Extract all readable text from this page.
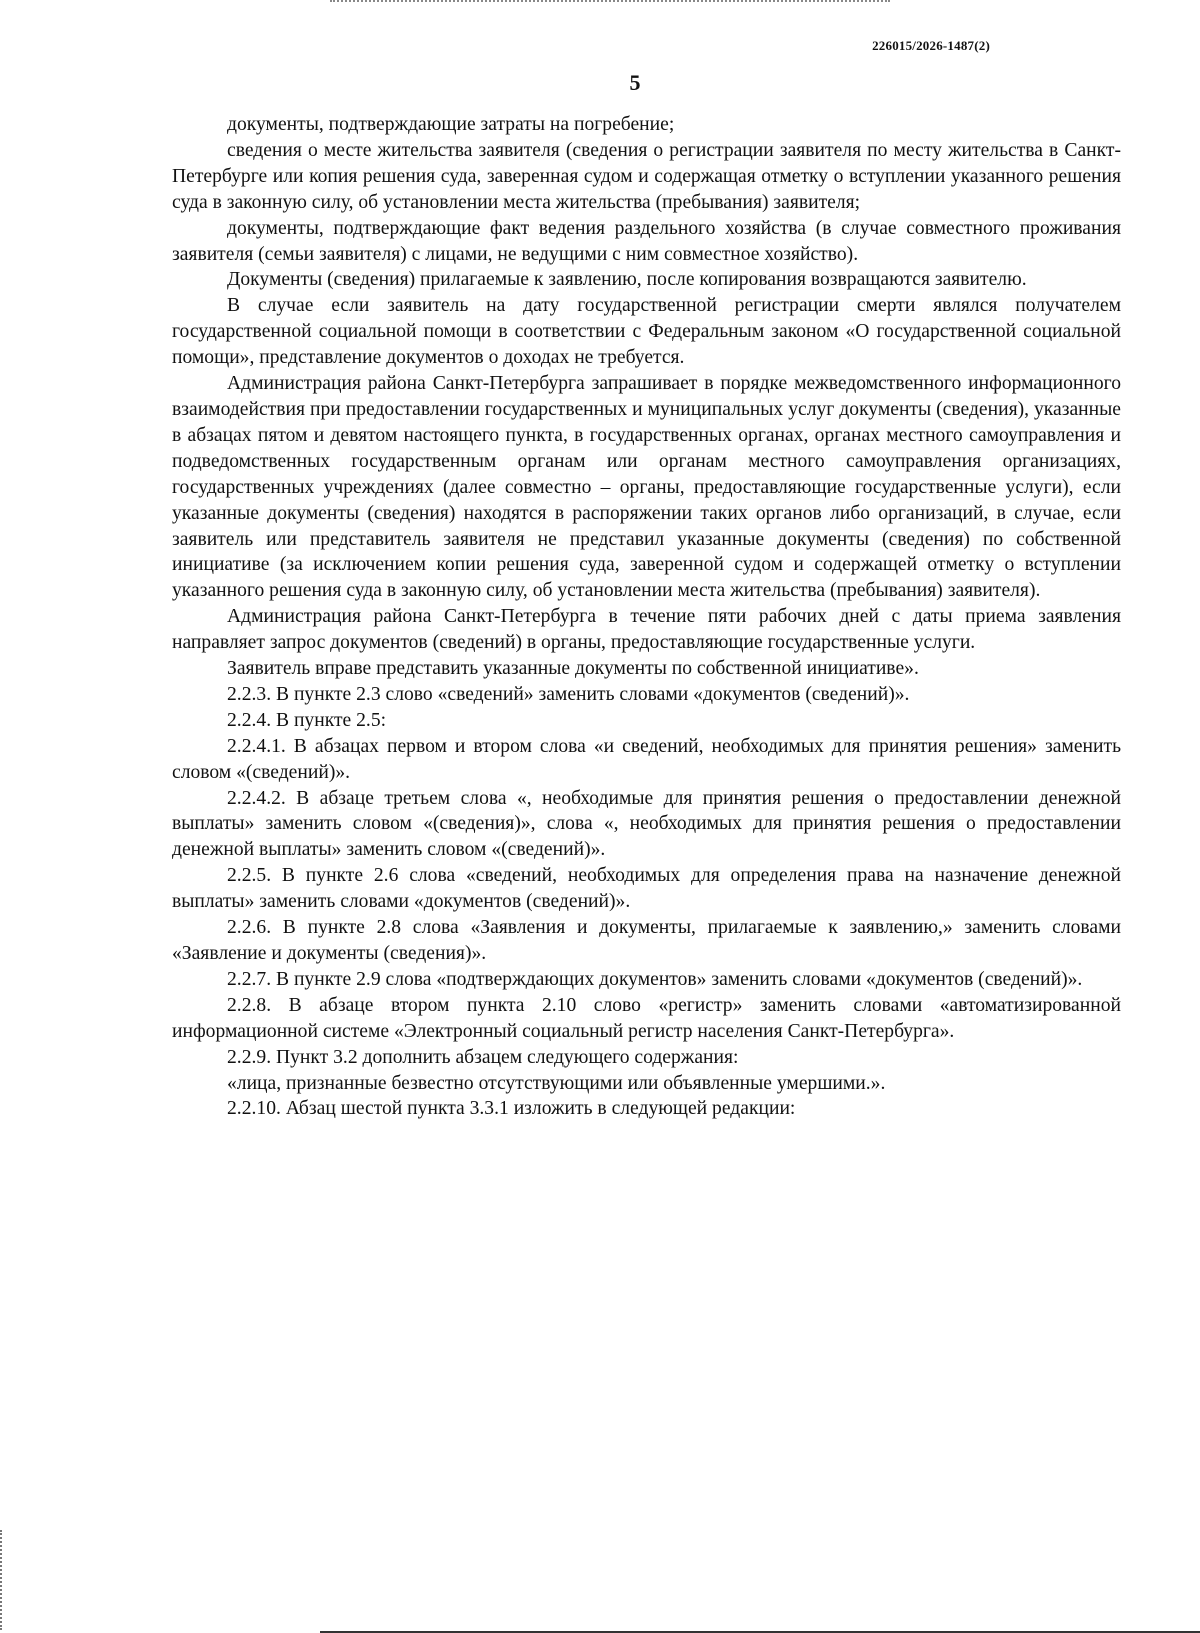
226015/2026-1487(2)
5

документы, подтверждающие затраты на погребение;

сведения о месте жительства заявителя (сведения о регистрации заявителя по месту жительства в Санкт-Петербурге или копия решения суда, заверенная судом и содержащая отметку о вступлении указанного решения суда в законную силу, об установлении места жительства (пребывания) заявителя;

документы, подтверждающие факт ведения раздельного хозяйства (в случае совместного проживания заявителя (семьи заявителя) с лицами, не ведущими с ним совместное хозяйство).

Документы (сведения) прилагаемые к заявлению, после копирования возвращаются заявителю.

В случае если заявитель на дату государственной регистрации смерти являлся получателем государственной социальной помощи в соответствии с Федеральным законом «О государственной социальной помощи», представление документов о доходах не требуется.

Администрация района Санкт-Петербурга запрашивает в порядке межведомственного информационного взаимодействия при предоставлении государственных и муниципальных услуг документы (сведения), указанные в абзацах пятом и девятом настоящего пункта, в государственных органах, органах местного самоуправления и подведомственных государственным органам или органам местного самоуправления организациях, государственных учреждениях (далее совместно – органы, предоставляющие государственные услуги), если указанные документы (сведения) находятся в распоряжении таких органов либо организаций, в случае, если заявитель или представитель заявителя не представил указанные документы (сведения) по собственной инициативе (за исключением копии решения суда, заверенной судом и содержащей отметку о вступлении указанного решения суда в законную силу, об установлении места жительства (пребывания) заявителя).

Администрация района Санкт-Петербурга в течение пяти рабочих дней с даты приема заявления направляет запрос документов (сведений) в органы, предоставляющие государственные услуги.

Заявитель вправе представить указанные документы по собственной инициативе».

2.2.3. В пункте 2.3 слово «сведений» заменить словами «документов (сведений)».

2.2.4. В пункте 2.5:

2.2.4.1. В абзацах первом и втором слова «и сведений, необходимых для принятия решения» заменить словом «(сведений)».

2.2.4.2. В абзаце третьем слова «, необходимые для принятия решения о предоставлении денежной выплаты» заменить словом «(сведения)», слова «, необходимых для принятия решения о предоставлении денежной выплаты» заменить словом «(сведений)».

2.2.5. В пункте 2.6 слова «сведений, необходимых для определения права на назначение денежной выплаты» заменить словами «документов (сведений)».

2.2.6. В пункте 2.8 слова «Заявления и документы, прилагаемые к заявлению,» заменить словами «Заявление и документы (сведения)».

2.2.7. В пункте 2.9 слова «подтверждающих документов» заменить словами «документов (сведений)».

2.2.8. В абзаце втором пункта 2.10 слово «регистр» заменить словами «автоматизированной информационной системе «Электронный социальный регистр населения Санкт-Петербурга».

2.2.9. Пункт 3.2 дополнить абзацем следующего содержания:

«лица, признанные безвестно отсутствующими или объявленные умершими.».

2.2.10. Абзац шестой пункта 3.3.1 изложить в следующей редакции:
